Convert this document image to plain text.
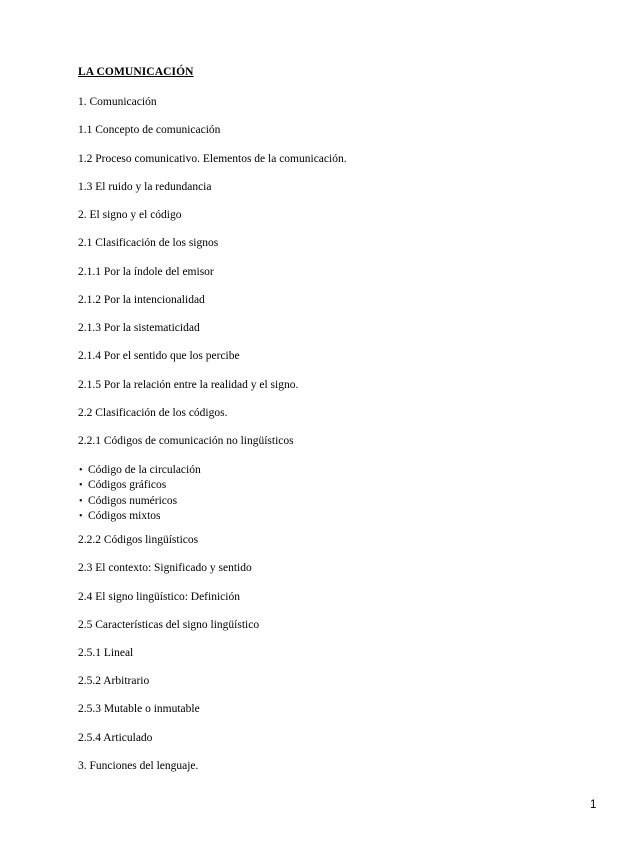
LA COMUNICACIÓN
1. Comunicación
1.1 Concepto de comunicación
1.2 Proceso comunicativo. Elementos de la comunicación.
1.3 El ruido y la redundancia
2. El signo y el código
2.1 Clasificación de los signos
2.1.1 Por la índole del emisor
2.1.2 Por la intencionalidad
2.1.3 Por la sistematicidad
2.1.4 Por el sentido que los percibe
2.1.5 Por la relación entre la realidad y el signo.
2.2 Clasificación de los códigos.
2.2.1 Códigos de comunicación no lingüísticos
• Código de la circulación
• Códigos gráficos
• Códigos numéricos
• Códigos mixtos
2.2.2 Códigos lingüísticos
2.3 El contexto: Significado y sentido
2.4 El signo lingüístico: Definición
2.5 Características del signo lingüístico
2.5.1 Lineal
2.5.2 Arbitrario
2.5.3 Mutable o inmutable
2.5.4 Articulado
3. Funciones del lenguaje.
1
